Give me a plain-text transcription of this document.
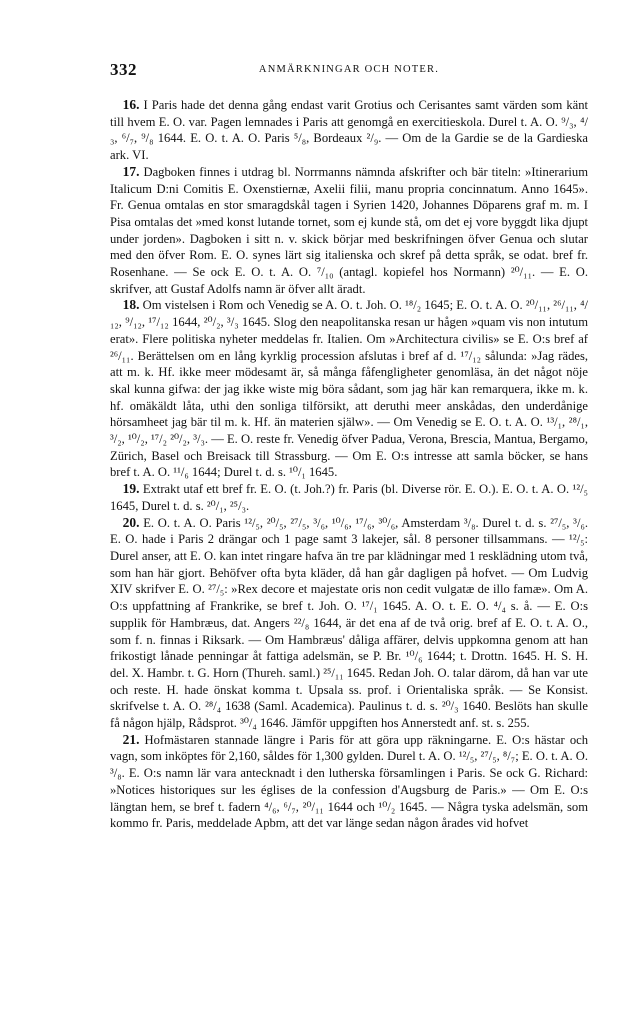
332	ANMÄRKNINGAR OCH NOTER.

 16. I Paris hade det denna gång endast varit Grotius och Cerisantes samt värden som känt till hvem E. O. var. Pagen lemnades i Paris att genomgå en exercitieskola. Durel t. A. O. ⁹/₃, ⁴/₃, ⁶/₇, ⁹/₈ 1644. E. O. t. A. O. Paris ⁵/₈, Bordeaux ²/₉. — Om de la Gardie se de la Gardieska ark. VI.

 17. Dagboken finnes i utdrag bl. Norrmanns nämnda afskrifter och bär titeln: »Itinerarium Italicum D:ni Comitis E. Oxenstiernæ, Axelii filii, manu propria concinnatum. Anno 1645». Fr. Genua omtalas en stor smaragdskål tagen i Syrien 1420, Johannes Döparens graf m. m. I Pisa omtalas det »med konst lutande tornet, som ej kunde stå, om det ej vore byggdt lika djupt under jorden». Dagboken i sitt n. v. skick börjar med beskrifningen öfver Genua och slutar med den öfver Rom. E. O. synes lärt sig italienska och skref på detta språk, se odat. bref fr. Rosenhane. — Se ock E. O. t. A. O. ⁷/₁₀ (antagl. kopiefel hos Normann) ²⁰/₁₁. — E. O. skrifver, att Gustaf Adolfs namn är öfver allt äradt.

 18. Om vistelsen i Rom och Venedig se A. O. t. Joh. O. ¹⁸/₂ 1645; E. O. t. A. O. ²⁰/₁₁, ²⁶/₁₁, ⁴/₁₂, ⁹/₁₂, ¹⁷/₁₂ 1644, ²⁰/₂, ³/₃ 1645. Slog den neapolitanska resan ur hågen »quam vis non intutum erat». Flere politiska nyheter meddelas fr. Italien. Om »Architectura civilis» se E. O:s bref af ²⁶/₁₁. Berättelsen om en lång kyrklig procession afslutas i bref af d. ¹⁷/₁₂ sålunda: »Jag rädes, att m. k. Hf. ikke meer mödesamt är, så många fåfengligheter genomläsa, än det något nöje skal kunna gifwa: der jag ikke wiste mig böra sådant, som jag här kan remarquera, ikke m. k. hf. omäkäldt låta, uthi den sonliga tilförsikt, att deruthi meer anskådas, den underdånige hörsamheet jag bär til m. k. Hf. än materien själw». — Om Venedig se E. O. t. A. O. ¹³/₁, ²⁸/₁, ³/₂, ¹⁰/₂, ¹⁷/₂ ²⁰/₂, ³/₃. — E. O. reste fr. Venedig öfver Padua, Verona, Brescia, Mantua, Bergamo, Zürich, Basel och Breisack till Strassburg. — Om E. O:s intresse att samla böcker, se hans bref t. A. O. ¹¹/₆ 1644; Durel t. d. s. ¹⁰/₁ 1645.

 19. Extrakt utaf ett bref fr. E. O. (t. Joh.?) fr. Paris (bl. Diverse rör. E. O.). E. O. t. A. O. ¹²/₅ 1645, Durel t. d. s. ²⁰/₁, ²⁵/₃.

 20. E. O. t. A. O. Paris ¹²/₅, ²⁰/₅, ²⁷/₅, ³/₆, ¹⁰/₆, ¹⁷/₆, ³⁰/₆, Amsterdam ³/₈. Durel t. d. s. ²⁷/₅, ³/₆. E. O. hade i Paris 2 drängar och 1 page samt 3 lakejer, sål. 8 personer tillsammans. — ¹²/₅: Durel anser, att E. O. kan intet ringare hafva än tre par klädningar med 1 resklädning utom två, som han här gjort. Behöfver ofta byta kläder, då han går dagligen på hofvet. — Om Ludvig XIV skrifver E. O. ²⁷/₅: »Rex decore et majestate oris non cedit vulgatæ de illo famæ». Om A. O:s uppfattning af Frankrike, se bref t. Joh. O. ¹⁷/₁ 1645. A. O. t. E. O. ⁴/₄ s. å. — E. O:s supplik för Hambræus, dat. Angers ²²/₈ 1644, är det ena af de två orig. bref af E. O. t. A. O., som f. n. finnas i Riksark. — Om Hambræus' dåliga affärer, delvis uppkomna genom att han frikostigt lånade penningar åt fattiga adelsmän, se P. Br. ¹⁰/₆ 1644; t. Drottn. 1645. H. S. H. del. X. Hambr. t. G. Horn (Thureh. saml.) ²⁵/₁₁ 1645. Redan Joh. O. talar därom, då han var ute och reste. H. hade önskat komma t. Upsala ss. prof. i Orientaliska språk. — Se Konsist. skrifvelse t. A. O. ²⁸/₄ 1638 (Saml. Academica). Paulinus t. d. s. ²⁰/₃ 1640. Beslöts han skulle få någon hjälp, Rådsprot. ³⁰/₄ 1646. Jämför uppgiften hos Annerstedt anf. st. s. 255.

 21. Hofmästaren stannade längre i Paris för att göra upp räkningarne. E. O:s hästar och vagn, som inköptes för 2,160, såldes för 1,300 gylden. Durel t. A. O. ¹²/₅, ²⁷/₅, ⁸/₇; E. O. t. A. O. ³/₈. E. O:s namn lär vara antecknadt i den lutherska församlingen i Paris. Se ock G. Richard: »Notices historiques sur les églises de la confession d'Augsburg de Paris.» — Om E. O:s längtan hem, se bref t. fadern ⁴/₆, ⁶/₇, ²⁰/₁₁ 1644 och ¹⁰/₂ 1645. — Några tyska adelsmän, som kommo fr. Paris, meddelade Apbm, att det var länge sedan någon årades vid hofvet
